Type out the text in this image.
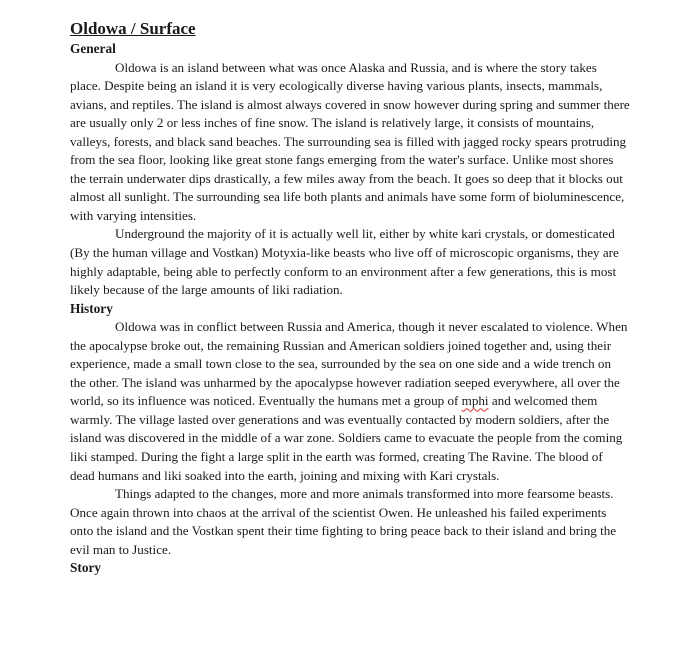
Oldowa / Surface

General

Oldowa is an island between what was once Alaska and Russia, and is where the story takes place. Despite being an island it is very ecologically diverse having various plants, insects, mammals, avians, and reptiles. The island is almost always covered in snow however during spring and summer there are usually only 2 or less inches of fine snow. The island is relatively large, it consists of mountains, valleys, forests, and black sand beaches. The surrounding sea is filled with jagged rocky spears protruding from the sea floor, looking like great stone fangs emerging from the water's surface. Unlike most shores the terrain underwater dips drastically, a few miles away from the beach. It goes so deep that it blocks out almost all sunlight. The surrounding sea life both plants and animals have some form of bioluminescence, with varying intensities.

Underground the majority of it is actually well lit, either by white kari crystals, or domesticated (By the human village and Vostkan) Motyxia-like beasts who live off of microscopic organisms, they are highly adaptable, being able to perfectly conform to an environment after a few generations, this is most likely because of the large amounts of liki radiation.

History

Oldowa was in conflict between Russia and America, though it never escalated to violence. When the apocalypse broke out, the remaining Russian and American soldiers joined together and, using their experience, made a small town close to the sea, surrounded by the sea on one side and a wide trench on the other. The island was unharmed by the apocalypse however radiation seeped everywhere, all over the world, so its influence was noticed. Eventually the humans met a group of mphi and welcomed them warmly. The village lasted over generations and was eventually contacted by modern soldiers, after the island was discovered in the middle of a war zone. Soldiers came to evacuate the people from the coming liki stamped. During the fight a large split in the earth was formed, creating The Ravine. The blood of dead humans and liki soaked into the earth, joining and mixing with Kari crystals.

Things adapted to the changes, more and more animals transformed into more fearsome beasts. Once again thrown into chaos at the arrival of the scientist Owen. He unleashed his failed experiments onto the island and the Vostkan spent their time fighting to bring peace back to their island and bring the evil man to Justice.

Story
